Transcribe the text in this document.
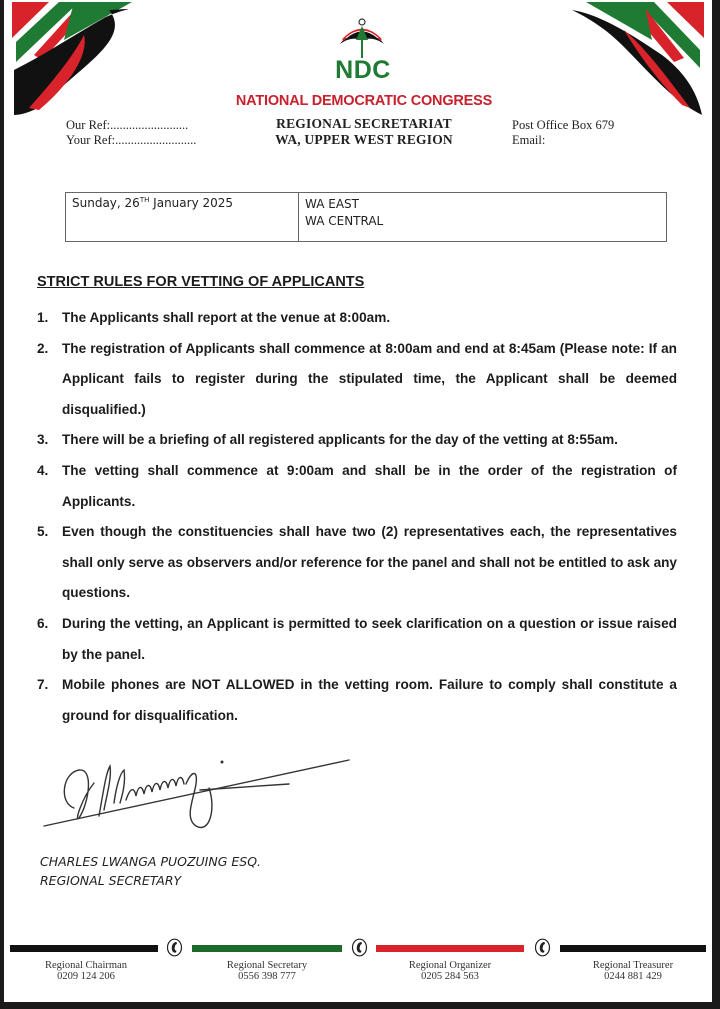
NDC
NATIONAL DEMOCRATIC CONGRESS
Our Ref:.........................
Your Ref:..........................
REGIONAL SECRETARIAT
WA, UPPER WEST REGION
Post Office Box 679
Email:
Sunday, 26TH January 2025	WA EAST
WA CENTRAL
STRICT RULES FOR VETTING OF APPLICANTS
1. The Applicants shall report at the venue at 8:00am.
2. The registration of Applicants shall commence at 8:00am and end at 8:45am (Please note: If an Applicant fails to register during the stipulated time, the Applicant shall be deemed disqualified.)
3. There will be a briefing of all registered applicants for the day of the vetting at 8:55am.
4. The vetting shall commence at 9:00am and shall be in the order of the registration of Applicants.
5. Even though the constituencies shall have two (2) representatives each, the representatives shall only serve as observers and/or reference for the panel and shall not be entitled to ask any questions.
6. During the vetting, an Applicant is permitted to seek clarification on a question or issue raised by the panel.
7. Mobile phones are NOT ALLOWED in the vetting room. Failure to comply shall constitute a ground for disqualification.
CHARLES LWANGA PUOZUING ESQ.
REGIONAL SECRETARY
Regional Chairman
0209 124 206
Regional Secretary
0556 398 777
Regional Organizer
0205 284 563
Regional Treasurer
0244 881 429
